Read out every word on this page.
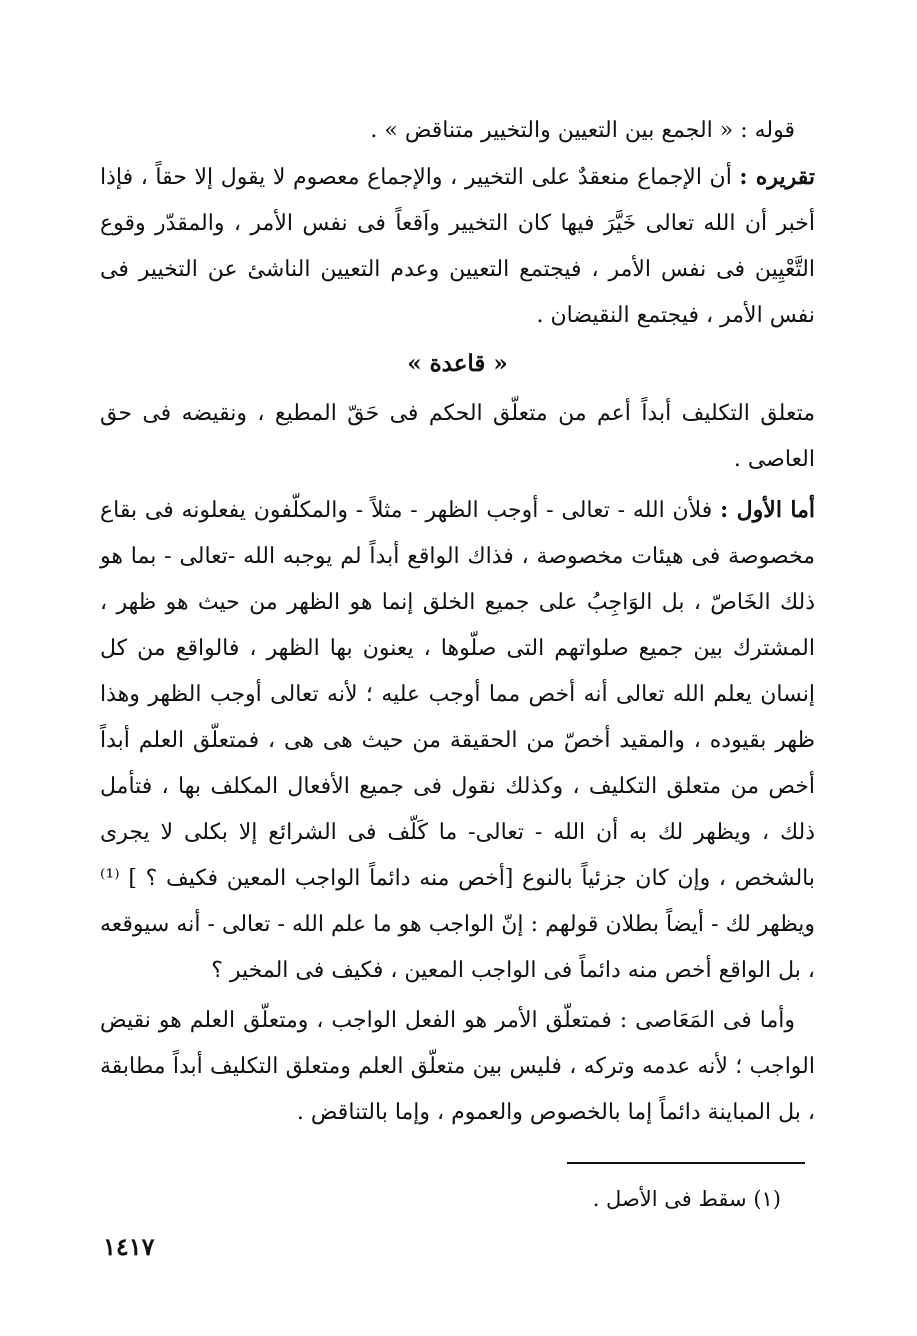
قوله : « الجمع بين التعيين والتخيير متناقض » .

تقريره : أن الإجماع منعقدٌ على التخيير ، والإجماع معصوم لا يقول إلا حقاً ، فإذا أخبر أن الله تعالى خَيَّرَ فيها كان التخيير واَقعاً فى نفس الأمر ، والمقدّر وقوع التَّعْيِين فى نفس الأمر ، فيجتمع التعيين وعدم التعيين الناشئ عن التخيير فى نفس الأمر ، فيجتمع النقيضان .

« قاعدة »

متعلق التكليف أبداً أعم من متعلّق الحكم فى حَقّ المطيع ، ونقيضه فى حق العاصى .

أما الأول : فلأن الله - تعالى - أوجب الظهر - مثلاً - والمكلّفون يفعلونه فى بقاع مخصوصة فى هيئات مخصوصة ، فذاك الواقع أبداً لم يوجبه الله -تعالى - بما هو ذلك الخَاصّ ، بل الوَاجِبُ على جميع الخلق إنما هو الظهر من حيث هو ظهر ، المشترك بين جميع صلواتهم التى صلّوها ، يعنون بها الظهر ، فالواقع من كل إنسان يعلم الله تعالى أنه أخص مما أوجب عليه ؛ لأنه تعالى أوجب الظهر وهذا ظهر بقيوده ، والمقيد أخصّ من الحقيقة من حيث هى هى ، فمتعلّق العلم أبداً أخص من متعلق التكليف ، وكذلك نقول فى جميع الأفعال المكلف بها ، فتأمل ذلك ، ويظهر لك به أن الله - تعالى- ما كَلّف فى الشرائع إلا بكلى لا يجرى بالشخص ، وإن كان جزئياً بالنوع [أخص منه دائماً الواجب المعين فكيف ؟ ] ⁽¹⁾ ويظهر لك - أيضاً بطلان قولهم : إنّ الواجب هو ما علم الله - تعالى - أنه سيوقعه ، بل الواقع أخص منه دائماً فى الواجب المعين ، فكيف فى المخير ؟

وأما فى المَعَاصى : فمتعلّق الأمر هو الفعل الواجب ، ومتعلّق العلم هو نقيض الواجب ؛ لأنه عدمه وتركه ، فليس بين متعلّق العلم ومتعلق التكليف أبداً مطابقة ، بل المباينة دائماً إما بالخصوص والعموم ، وإما بالتناقض .

(١) سقط فى الأصل .
١٤١٧
